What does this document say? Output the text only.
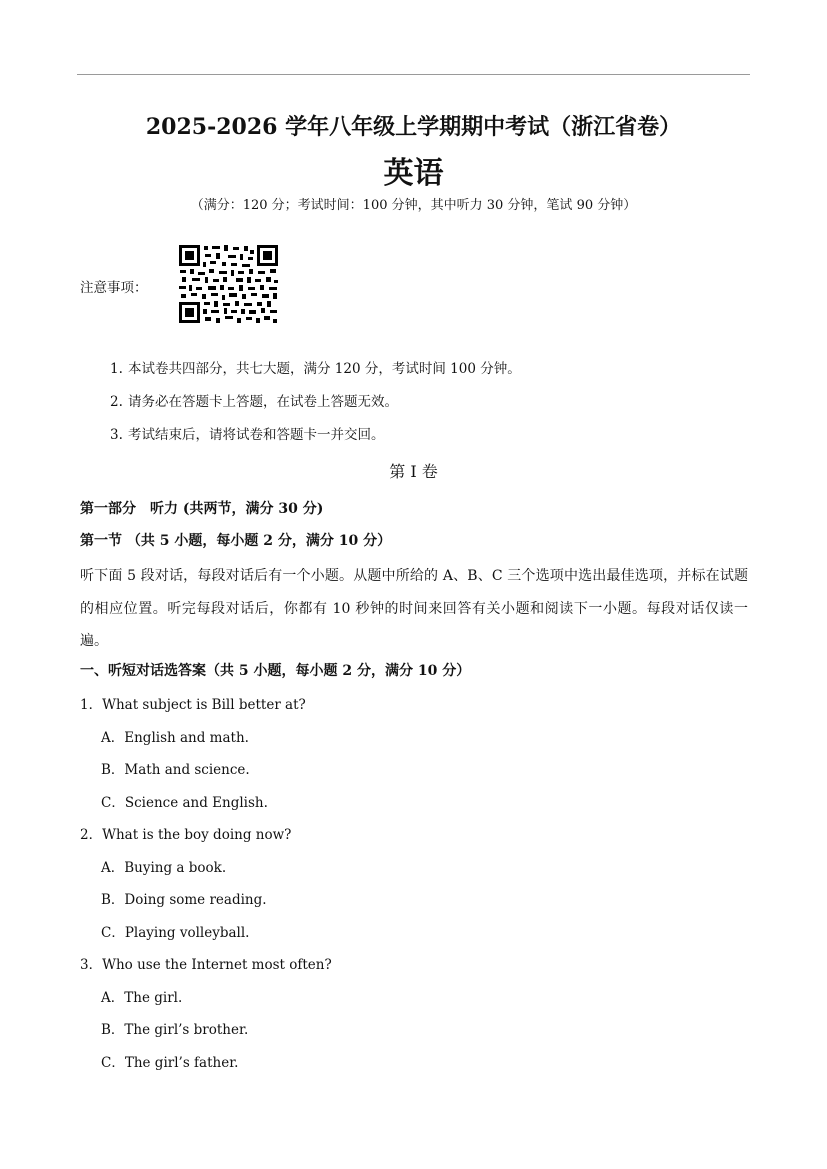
2025-2026 学年八年级上学期期中考试（浙江省卷）
英语
（满分：120 分；考试时间：100 分钟，其中听力 30 分钟，笔试 90 分钟）
注意事项：
1. 本试卷共四部分，共七大题，满分 120 分，考试时间 100 分钟。
2. 请务必在答题卡上答题，在试卷上答题无效。
3. 考试结束后，请将试卷和答题卡一并交回。
第 I 卷
第一部分　听力 (共两节，满分 30 分)
第一节 （共 5 小题，每小题 2 分，满分 10 分）
听下面 5 段对话，每段对话后有一个小题。从题中所给的 A、B、C 三个选项中选出最佳选项，并标在试题的相应位置。听完每段对话后，你都有 10 秒钟的时间来回答有关小题和阅读下一小题。每段对话仅读一遍。
一、听短对话选答案（共 5 小题，每小题 2 分，满分 10 分）
1．What subject is Bill better at?
A．English and math.
B．Math and science.
C．Science and English.
2．What is the boy doing now?
A．Buying a book.
B．Doing some reading.
C．Playing volleyball.
3．Who use the Internet most often?
A．The girl.
B．The girl’s brother.
C．The girl’s father.
